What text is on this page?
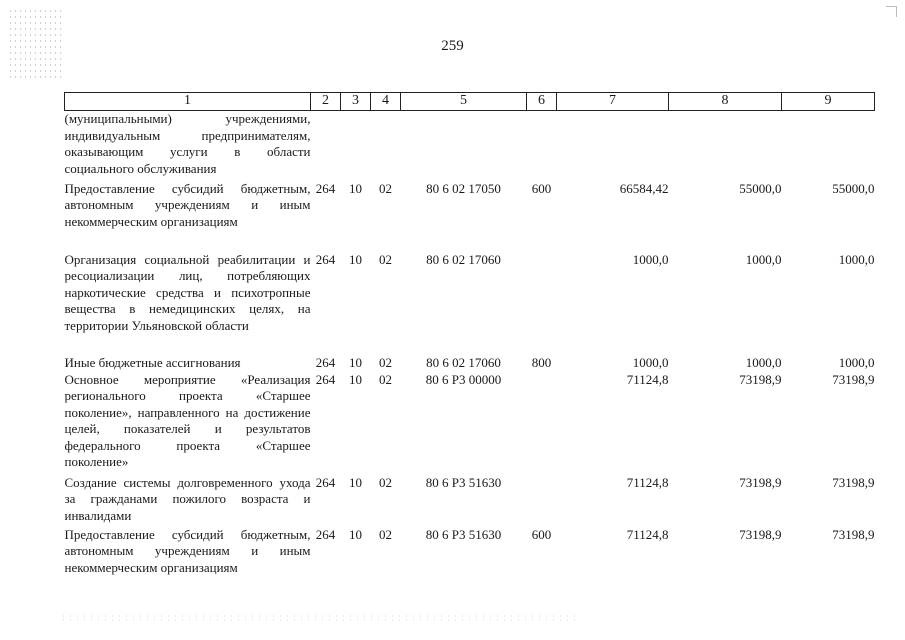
259
1	2	3	4	5	6	7	8	9
(муниципальными) учреждениями, индивидуальным предпринимателям, оказывающим услуги в области социального обслуживания								
Предоставление субсидий бюджетным, автономным учреждениям и иным некоммерческим организациям	264	10	02	80 6 02 17050	600	66584,42	55000,0	55000,0
Организация социальной реабилитации и ресоциализации лиц, потребляющих наркотические средства и психотропные вещества в немедицинских целях, на территории Ульяновской области	264	10	02	80 6 02 17060		1000,0	1000,0	1000,0
Иные бюджетные ассигнования	264	10	02	80 6 02 17060	800	1000,0	1000,0	1000,0
Основное мероприятие «Реализация регионального проекта «Старшее поколение», направленного на достижение целей, показателей и результатов федерального проекта «Старшее поколение»	264	10	02	80 6 P3 00000		71124,8	73198,9	73198,9
Создание системы долговременного ухода за гражданами пожилого возраста и инвалидами	264	10	02	80 6 P3 51630		71124,8	73198,9	73198,9
Предоставление субсидий бюджетным, автономным учреждениям и иным некоммерческим организациям	264	10	02	80 6 P3 51630	600	71124,8	73198,9	73198,9
